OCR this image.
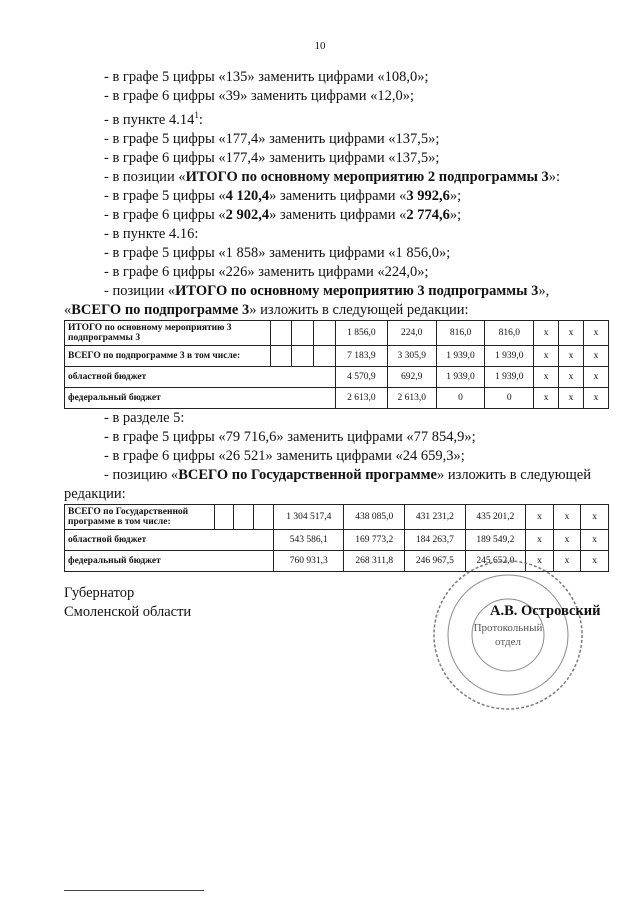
10
- в графе 5 цифры «135» заменить цифрами «108,0»;
- в графе 6 цифры «39» заменить цифрами «12,0»;
- в пункте 4.14$^1$:
- в графе 5 цифры «177,4» заменить цифрами «137,5»;
- в графе 6 цифры «177,4» заменить цифрами «137,5»;
- в позиции «ИТОГО по основному мероприятию 2 подпрограммы 3»:
- в графе 5 цифры «4 120,4» заменить цифрами «3 992,6»;
- в графе 6 цифры «2 902,4» заменить цифрами «2 774,6»;
- в пункте 4.16:
- в графе 5 цифры «1 858» заменить цифрами «1 856,0»;
- в графе 6 цифры «226» заменить цифрами «224,0»;
- позиции «ИТОГО по основному мероприятию 3 подпрограммы 3»,
«ВСЕГО по подпрограмме 3» изложить в следующей редакции:
ИТОГО по основному мероприятию 3 подпрограммы 3				1 856,0	224,0	816,0	816,0	х	х	х
ВСЕГО по подпрограмме 3 в том числе:				7 183,9	3 305,9	1 939,0	1 939,0	х	х	х
областной бюджет				4 570,9	692,9	1 939,0	1 939,0	х	х	х
федеральный бюджет				2 613,0	2 613,0	0	0	х	х	х
- в разделе 5:
- в графе 5 цифры «79 716,6» заменить цифрами «77 854,9»;
- в графе 6 цифры «26 521» заменить цифрами «24 659,3»;
- позицию «ВСЕГО по Государственной программе» изложить в следующей
редакции:
ВСЕГО по Государственной программе в том числе:				1 304 517,4	438 085,0	431 231,2	435 201,2	х	х	х
областной бюджет				543 586,1	169 773,2	184 263,7	189 549,2	х	х	х
федеральный бюджет				760 931,3	268 311,8	246 967,5	245 652,0	х	х	х
Протокольный
отдел
Губернатор
Смоленской области	А.В. Островский
